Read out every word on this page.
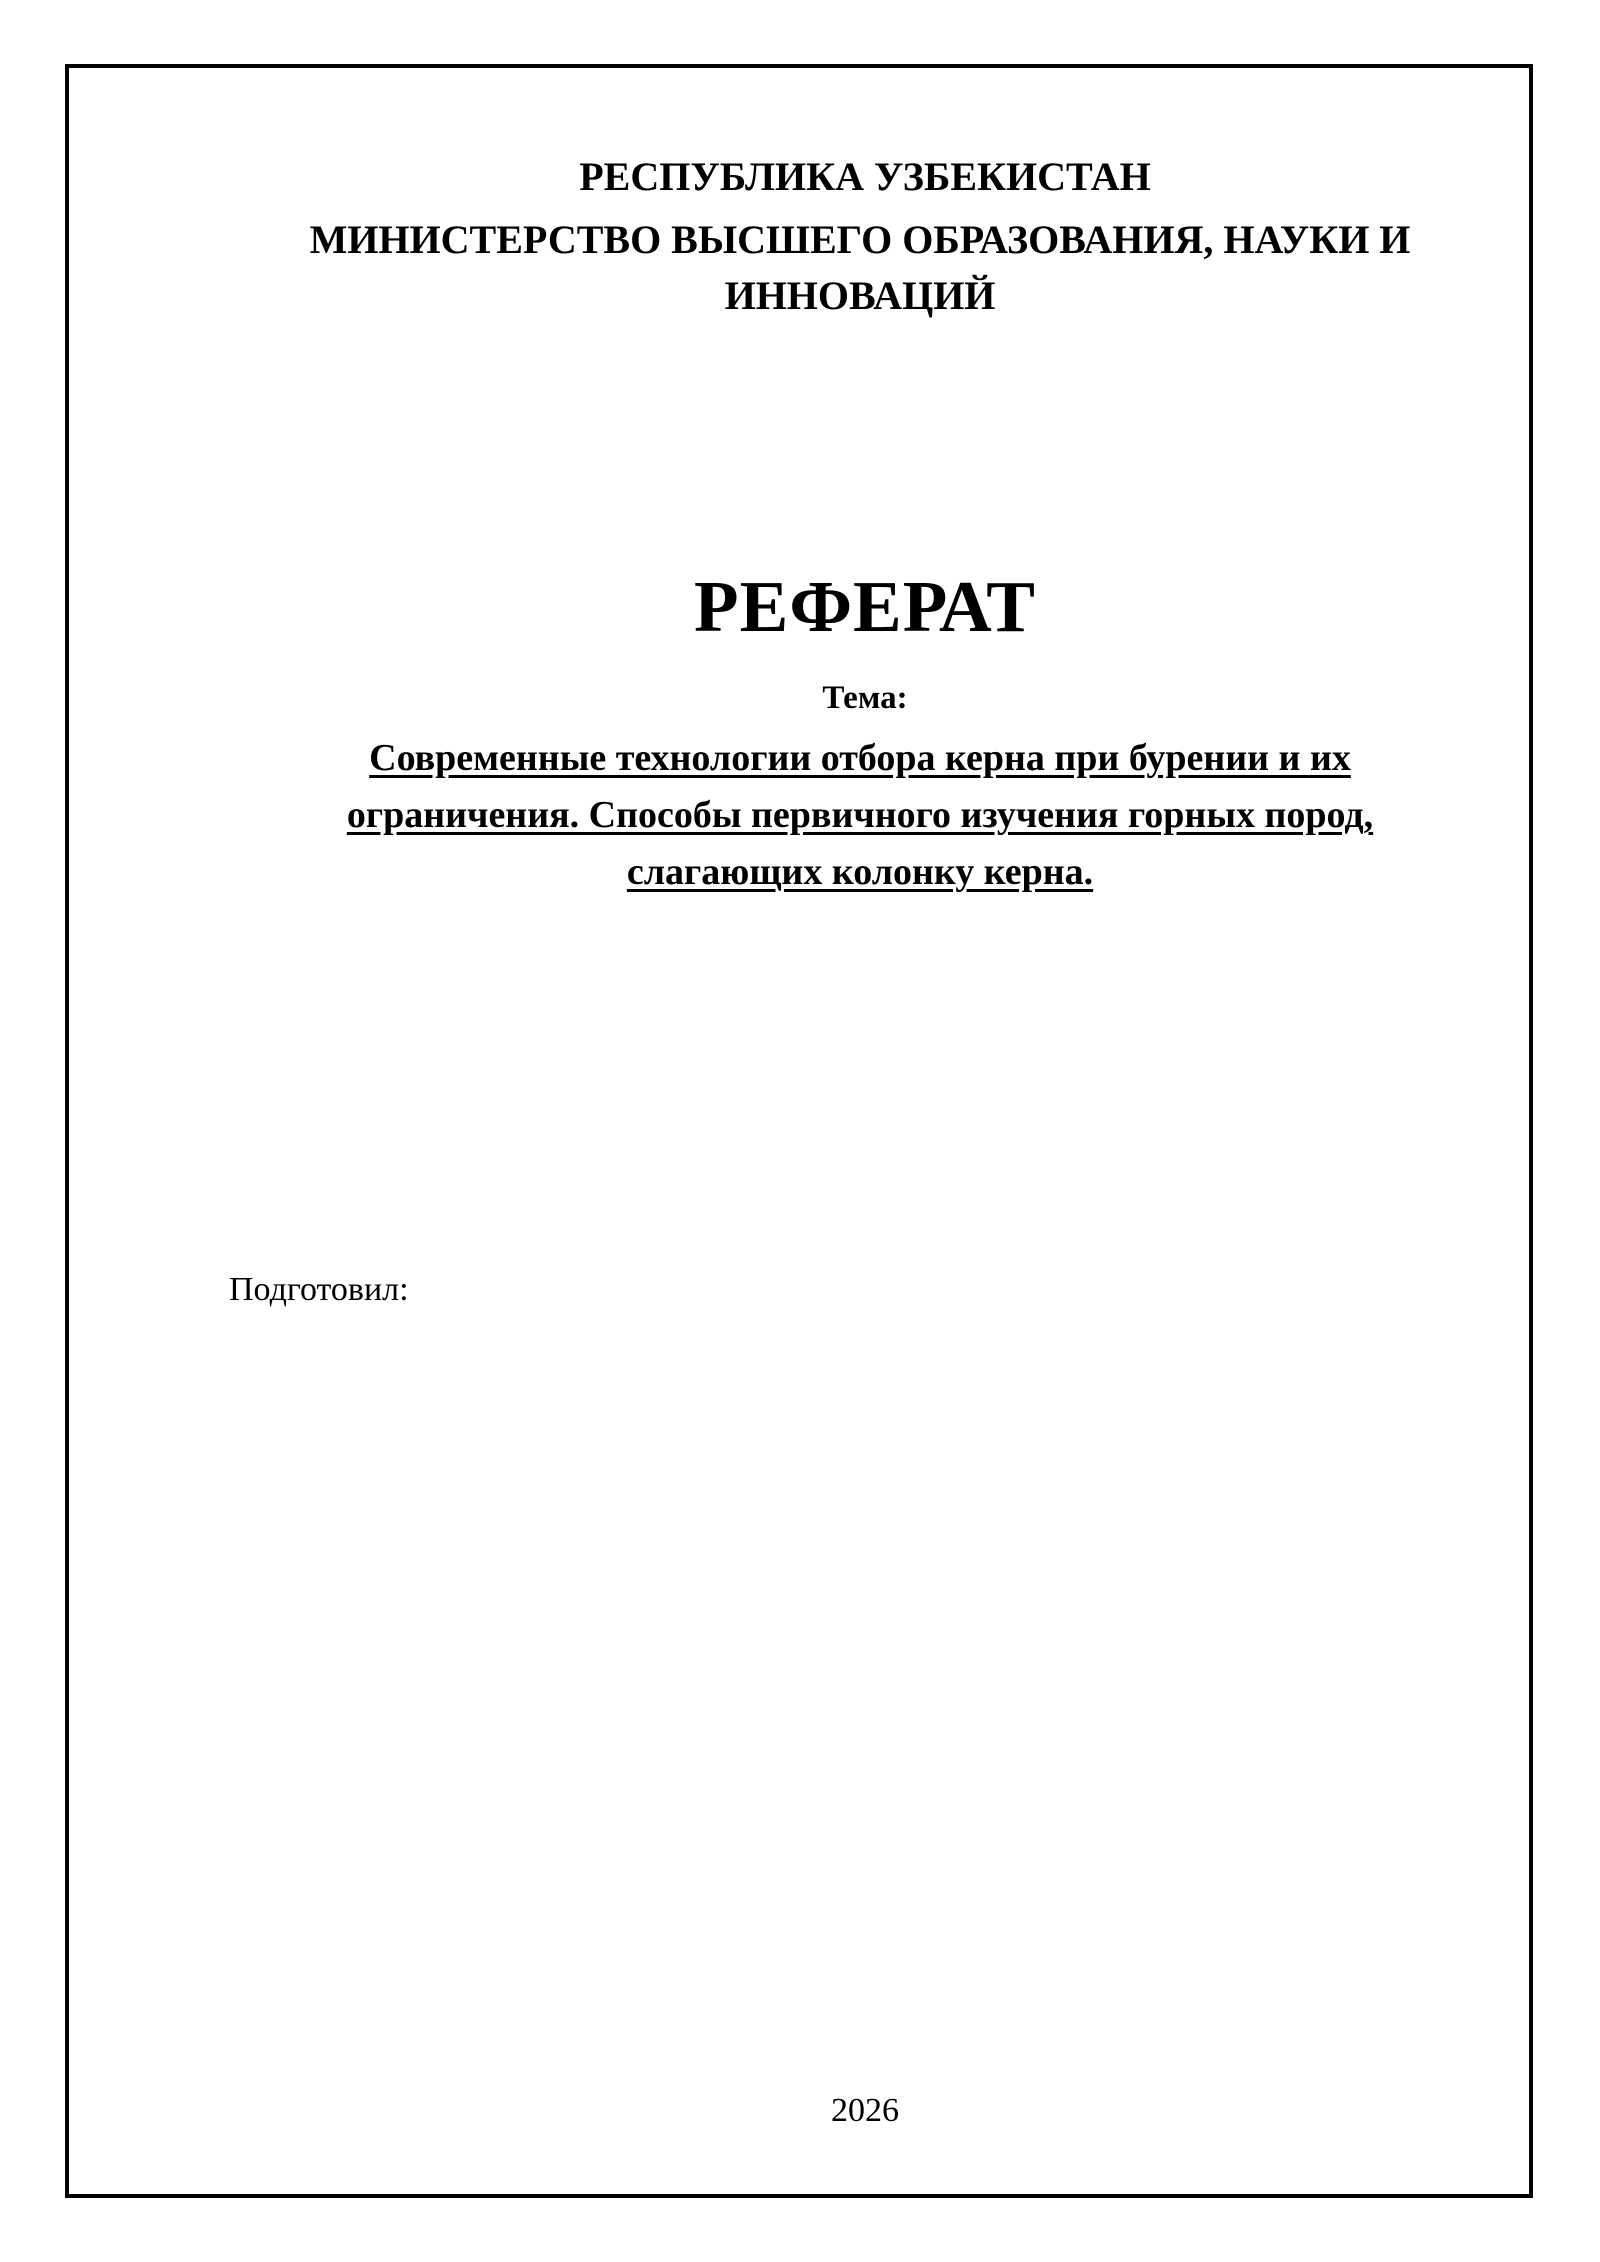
РЕСПУБЛИКА УЗБЕКИСТАН
МИНИСТЕРСТВО ВЫСШЕГО ОБРАЗОВАНИЯ, НАУКИ И ИННОВАЦИЙ
РЕФЕРАТ
Тема:
Современные технологии отбора керна при бурении и их ограничения. Способы первичного изучения горных пород, слагающих колонку керна.
Подготовил:
2026
